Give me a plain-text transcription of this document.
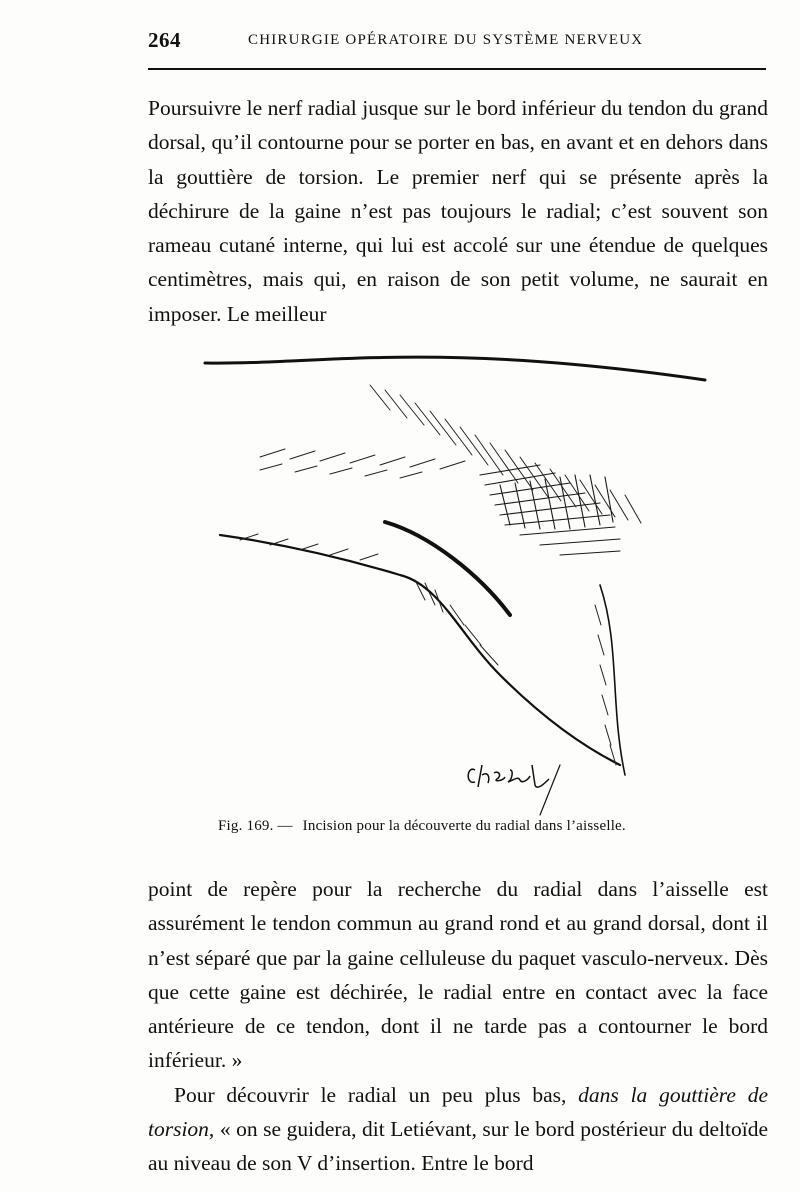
264	CHIRURGIE OPÉRATOIRE DU SYSTÈME NERVEUX

Poursuivre le nerf radial jusque sur le bord inférieur du tendon du grand dorsal, qu’il contourne pour se porter en bas, en avant et en dehors dans la gouttière de torsion. Le premier nerf qui se présente après la déchirure de la gaine n’est pas toujours le radial; c’est souvent son rameau cutané interne, qui lui est accolé sur une étendue de quelques centimètres, mais qui, en raison de son petit volume, ne saurait en imposer. Le meilleur

Fig. 169. — Incision pour la découverte du radial dans l’aisselle.

point de repère pour la recherche du radial dans l’aisselle est assurément le tendon commun au grand rond et au grand dorsal, dont il n’est séparé que par la gaine celluleuse du paquet vasculo-nerveux. Dès que cette gaine est déchirée, le radial entre en contact avec la face antérieure de ce tendon, dont il ne tarde pas a contourner le bord inférieur. »

Pour découvrir le radial un peu plus bas, dans la gouttière de torsion, « on se guidera, dit Letiévant, sur le bord postérieur du deltoïde au niveau de son V d’insertion. Entre le bord
